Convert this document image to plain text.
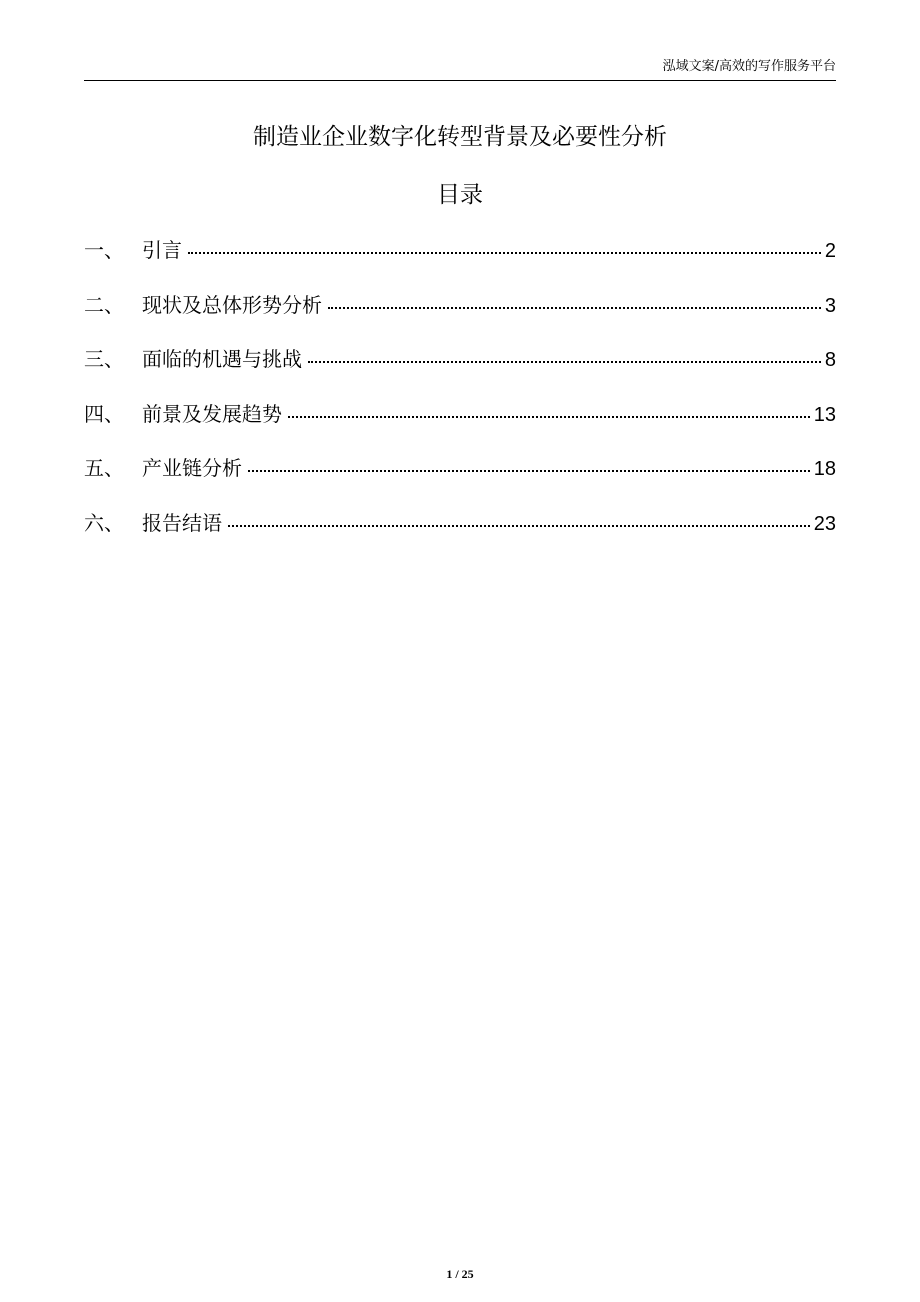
泓域文案/高效的写作服务平台
制造业企业数字化转型背景及必要性分析
目录
一、 引言	2
二、 现状及总体形势分析	3
三、 面临的机遇与挑战	8
四、 前景及发展趋势	13
五、 产业链分析	18
六、 报告结语	23
1 / 25
